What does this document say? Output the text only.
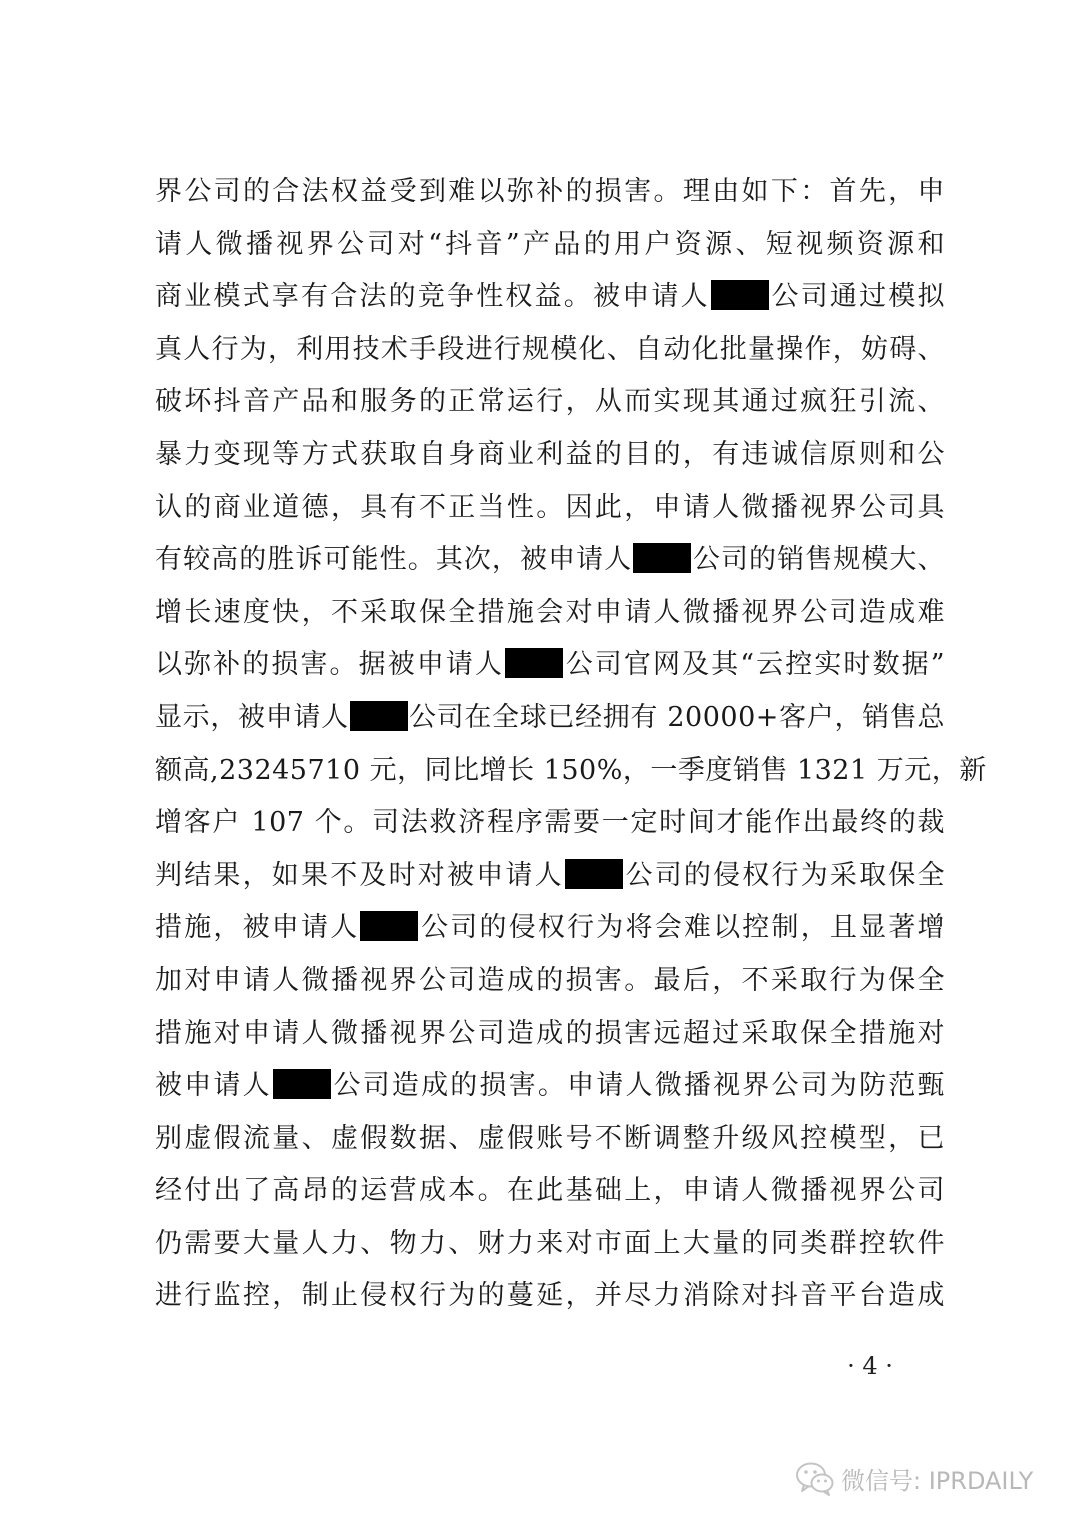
界公司的合法权益受到难以弥补的损害。理由如下：首先，申
请人微播视界公司对“抖音”产品的用户资源、短视频资源和
商业模式享有合法的竞争性权益。被申请人 公司通过模拟
真人行为，利用技术手段进行规模化、自动化批量操作，妨碍、
破坏抖音产品和服务的正常运行，从而实现其通过疯狂引流、
暴力变现等方式获取自身商业利益的目的，有违诚信原则和公
认的商业道德，具有不正当性。因此，申请人微播视界公司具
有较高的胜诉可能性。其次，被申请人 公司的销售规模大、
增长速度快，不采取保全措施会对申请人微播视界公司造成难
以弥补的损害。据被申请人 公司官网及其“云控实时数据”
显示，被申请人 公司在全球已经拥有 20000+客户，销售总
额高,23245710 元，同比增长 150%，一季度销售 1321 万元，新
增客户 107 个。司法救济程序需要一定时间才能作出最终的裁
判结果，如果不及时对被申请人 公司的侵权行为采取保全
措施，被申请人 公司的侵权行为将会难以控制，且显著增
加对申请人微播视界公司造成的损害。最后，不采取行为保全
措施对申请人微播视界公司造成的损害远超过采取保全措施对
被申请人 公司造成的损害。申请人微播视界公司为防范甄
别虚假流量、虚假数据、虚假账号不断调整升级风控模型，已
经付出了高昂的运营成本。在此基础上，申请人微播视界公司
仍需要大量人力、物力、财力来对市面上大量的同类群控软件
进行监控，制止侵权行为的蔓延，并尽力消除对抖音平台造成
· 4 ·
微信号: IPRDAILY
